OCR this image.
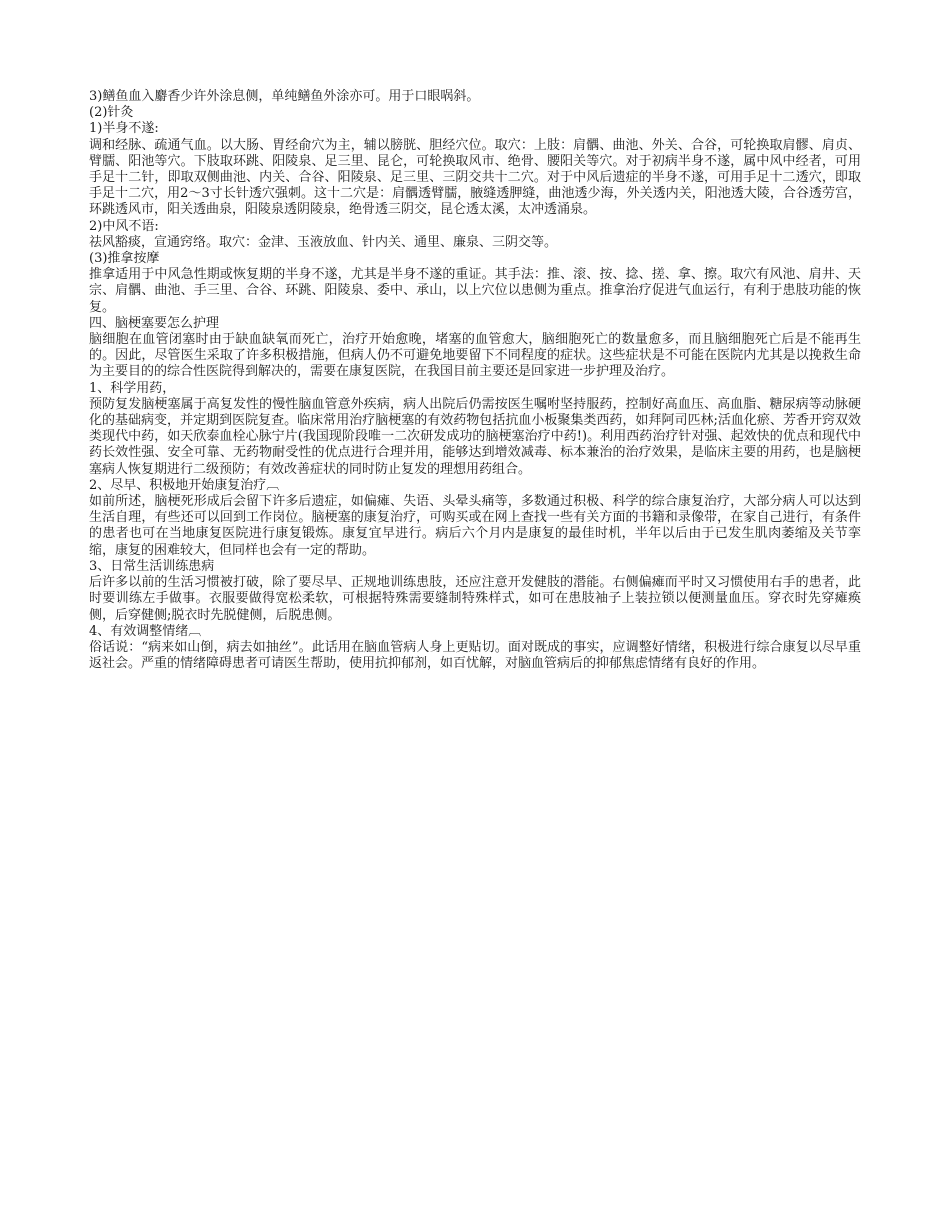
3)鳝鱼血入麝香少许外涂息侧，单纯鳝鱼外涂亦可。用于口眼㖞斜。

(2)针灸

1)半身不遂:

调和经脉、疏通气血。以大肠、胃经俞穴为主，辅以膀胱、胆经穴位。取穴：上肢：肩髃、曲池、外关、合谷，可轮换取肩髎、肩贞、臂臑、阳池等穴。下肢取环跳、阳陵泉、足三里、昆仑，可轮换取风市、绝骨、腰阳关等穴。对于初病半身不遂，属中风中经者，可用手足十二针，即取双侧曲池、内关、合谷、阳陵泉、足三里、三阴交共十二穴。对于中风后遗症的半身不遂，可用手足十二透穴，即取手足十二穴，用2～3寸长针透穴强刺。这十二穴是：肩髃透臂臑，腋缝透胛缝，曲池透少海，外关透内关，阳池透大陵，合谷透劳宫，环跳透风市，阳关透曲泉，阳陵泉透阴陵泉，绝骨透三阴交，昆仑透太溪，太冲透涌泉。

2)中风不语:

祛风豁痰，宣通窍络。取穴：金津、玉液放血、针内关、通里、廉泉、三阴交等。

(3)推拿按摩

推拿适用于中风急性期或恢复期的半身不遂，尤其是半身不遂的重证。其手法：推、滚、按、捻、搓、拿、擦。取穴有风池、肩井、天宗、肩髃、曲池、手三里、合谷、环跳、阳陵泉、委中、承山，以上穴位以患侧为重点。推拿治疗促进气血运行，有利于患肢功能的恢复。

四、脑梗塞要怎么护理

脑细胞在血管闭塞时由于缺血缺氧而死亡，治疗开始愈晚，堵塞的血管愈大，脑细胞死亡的数量愈多，而且脑细胞死亡后是不能再生的。因此，尽管医生采取了许多积极措施，但病人仍不可避免地要留下不同程度的症状。这些症状是不可能在医院内尤其是以挽救生命为主要目的的综合性医院得到解决的，需要在康复医院，在我国目前主要还是回家进一步护理及治疗。

1、科学用药，

预防复发脑梗塞属于高复发性的慢性脑血管意外疾病，病人出院后仍需按医生嘱咐坚持服药，控制好高血压、高血脂、糖尿病等动脉硬化的基础病变，并定期到医院复查。临床常用治疗脑梗塞的有效药物包括抗血小板聚集类西药，如拜阿司匹林;活血化瘀、芳香开窍双效类现代中药，如天欣泰血栓心脉宁片(我国现阶段唯一二次研发成功的脑梗塞治疗中药!)。利用西药治疗针对强、起效快的优点和现代中药长效性强、安全可靠、无药物耐受性的优点进行合理并用，能够达到增效减毒、标本兼治的治疗效果，是临床主要的用药，也是脑梗塞病人恢复期进行二级预防；有效改善症状的同时防止复发的理想用药组合。

2、尽早、积极地开始康复治疗︹

如前所述，脑梗死形成后会留下许多后遗症，如偏瘫、失语、头晕头痛等，多数通过积极、科学的综合康复治疗，大部分病人可以达到生活自理，有些还可以回到工作岗位。脑梗塞的康复治疗，可购买或在网上查找一些有关方面的书籍和录像带，在家自己进行，有条件的患者也可在当地康复医院进行康复锻炼。康复宜早进行。病后六个月内是康复的最佳时机，半年以后由于已发生肌肉萎缩及关节挛缩，康复的困难较大，但同样也会有一定的帮助。

3、日常生活训练患病

后许多以前的生活习惯被打破，除了要尽早、正规地训练患肢，还应注意开发健肢的潜能。右侧偏瘫而平时又习惯使用右手的患者，此时要训练左手做事。衣服要做得宽松柔软，可根据特殊需要缝制特殊样式，如可在患肢袖子上装拉锁以便测量血压。穿衣时先穿瘫痪侧，后穿健侧;脱衣时先脱健侧，后脱患侧。

4、有效调整情绪︹

俗话说：“病来如山倒，病去如抽丝”。此话用在脑血管病人身上更贴切。面对既成的事实，应调整好情绪，积极进行综合康复以尽早重返社会。严重的情绪障碍患者可请医生帮助，使用抗抑郁剂，如百忧解，对脑血管病后的抑郁焦虑情绪有良好的作用。
